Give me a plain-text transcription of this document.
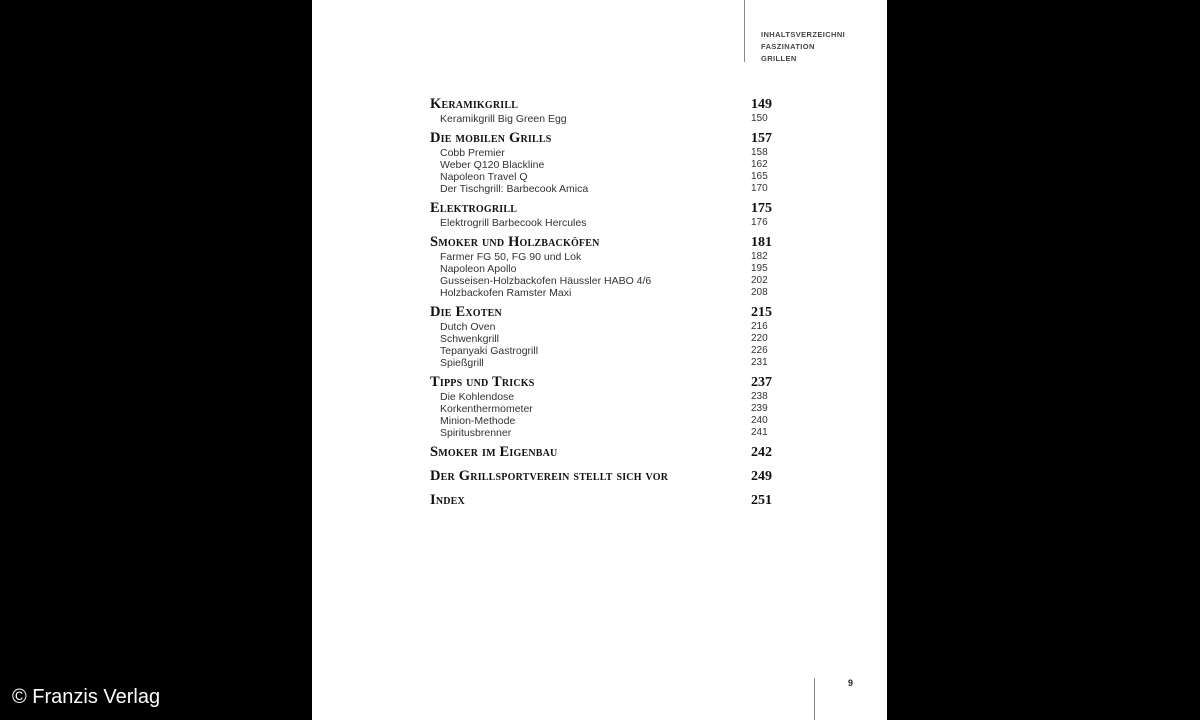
INHALTSVERZEICHNI
FASZINATION
GRILLEN
Keramikgrill	149
Keramikgrill Big Green Egg	150
Die mobilen Grills	157
Cobb Premier	158
Weber Q120 Blackline	162
Napoleon Travel Q	165
Der Tischgrill: Barbecook Amica	170
Elektrogrill	175
Elektrogrill Barbecook Hercules	176
Smoker und Holzbacköfen	181
Farmer FG 50, FG 90 und Lok	182
Napoleon Apollo	195
Gusseisen-Holzbackofen Häussler HABO 4/6	202
Holzbackofen Ramster Maxi	208
Die Exoten	215
Dutch Oven	216
Schwenkgrill	220
Tepanyaki Gastrogrill	226
Spießgrill	231
Tipps und Tricks	237
Die Kohlendose	238
Korkenthermometer	239
Minion-Methode	240
Spiritusbrenner	241
Smoker im Eigenbau	242
Der Grillsportverein stellt sich vor	249
Index	251
9
© Franzis Verlag
